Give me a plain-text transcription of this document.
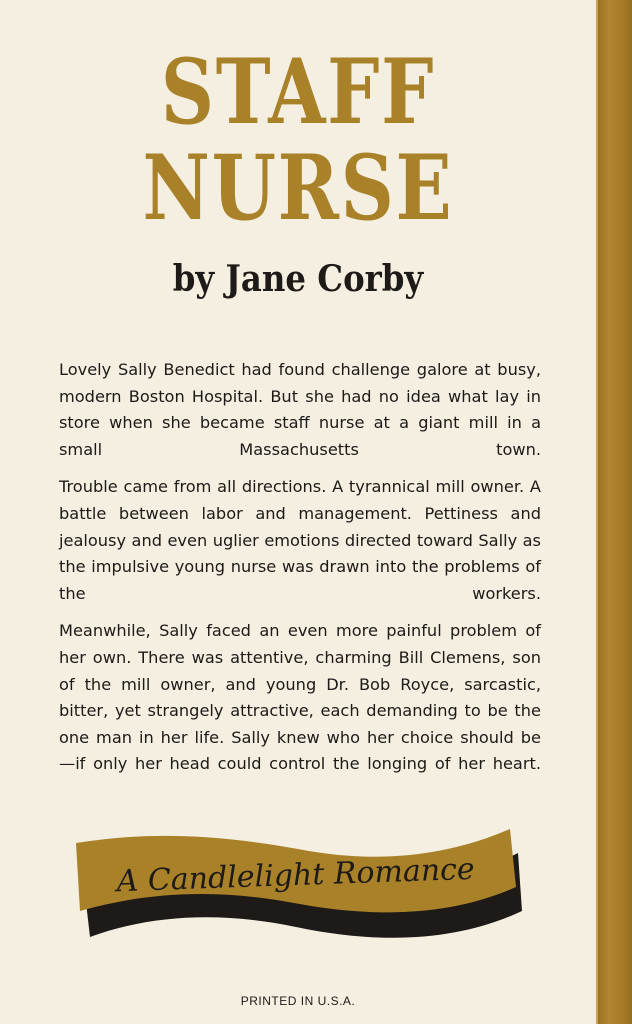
STAFF
NURSE
by Jane Corby

Lovely Sally Benedict had found challenge galore at busy, modern Boston Hospital. But she had no idea what lay in store when she became staff nurse at a giant mill in a small Massachusetts town.

Trouble came from all directions. A tyrannical mill owner. A battle between labor and management. Pettiness and jealousy and even uglier emotions directed toward Sally as the impulsive young nurse was drawn into the problems of the workers.

Meanwhile, Sally faced an even more painful problem of her own. There was attentive, charming Bill Clemens, son of the mill owner, and young Dr. Bob Royce, sarcastic, bitter, yet strangely attractive, each demanding to be the one man in her life. Sally knew who her choice should be —if only her head could control the longing of her heart.

A Candlelight Romance
PRINTED IN U.S.A.
